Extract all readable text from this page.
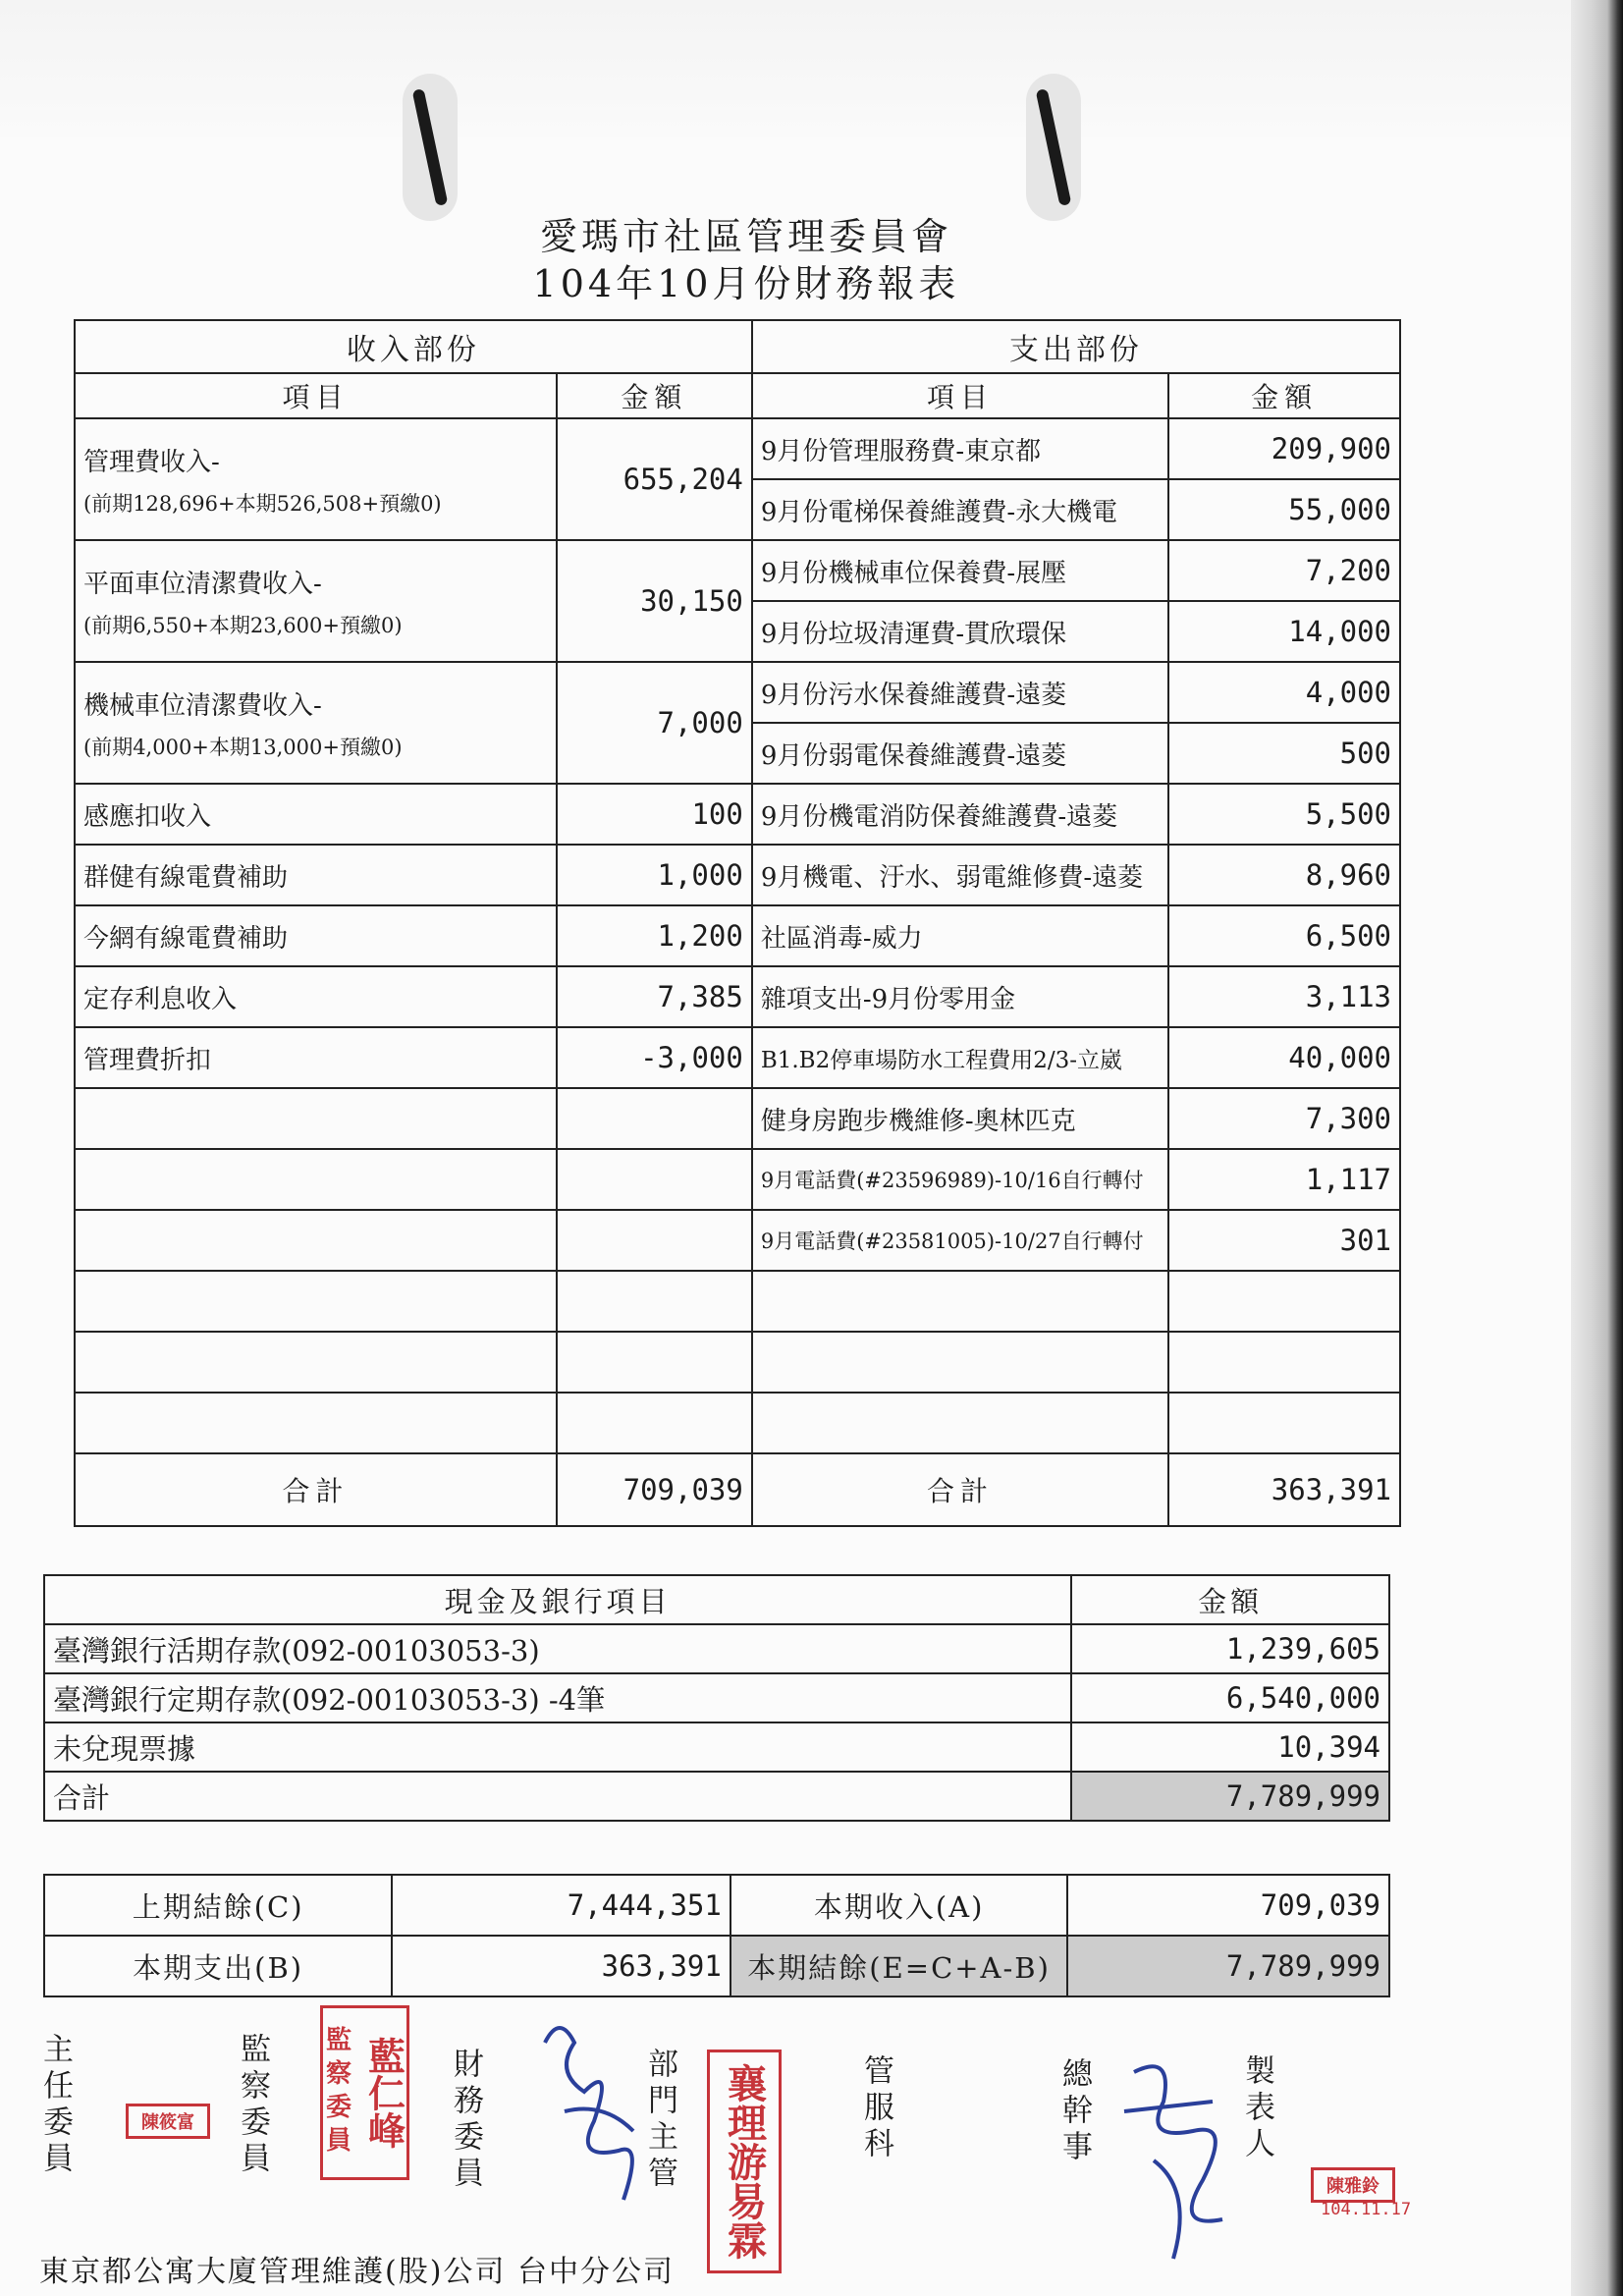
愛瑪市社區管理委員會
104年10月份財務報表
收入部份		支出部份	
項目	金額	項目	金額
管理費收入-
(前期128,696+本期526,508+預繳0)	655,204	9月份管理服務費-東京都	209,900
		9月份電梯保養維護費-永大機電	55,000
平面車位清潔費收入-
(前期6,550+本期23,600+預繳0)	30,150	9月份機械車位保養費-展壓	7,200
		9月份垃圾清運費-貫欣環保	14,000
機械車位清潔費收入-
(前期4,000+本期13,000+預繳0)	7,000	9月份污水保養維護費-遠菱	4,000
		9月份弱電保養維護費-遠菱	500
感應扣收入	100	9月份機電消防保養維護費-遠菱	5,500
群健有線電費補助	1,000	9月機電、汙水、弱電維修費-遠菱	8,960
今網有線電費補助	1,200	社區消毒-威力	6,500
定存利息收入	7,385	雜項支出-9月份零用金	3,113
管理費折扣	-3,000	B1.B2停車場防水工程費用2/3-立崴	40,000
		健身房跑步機維修-奧林匹克	7,300
		9月電話費(#23596989)-10/16自行轉付	1,117
		9月電話費(#23581005)-10/27自行轉付	301

合計	709,039	合計	363,391
現金及銀行項目	金額
臺灣銀行活期存款(092-00103053-3)	1,239,605
臺灣銀行定期存款(092-00103053-3) -4筆	6,540,000
未兌現票據	10,394
合計	7,789,999
上期結餘(C)	7,444,351	本期收入(A)	709,039
本期支出(B)	363,391	本期結餘(E=C+A-B)	7,789,999
主任委員	陳筱富	監察委員 監察委員 藍仁峰 財務委員	部門主管 襄理
游易霖
管服科	總幹事	製表人
陳雅鈴
104.11.17
東京都公寓大廈管理維護(股)公司 台中分公司
